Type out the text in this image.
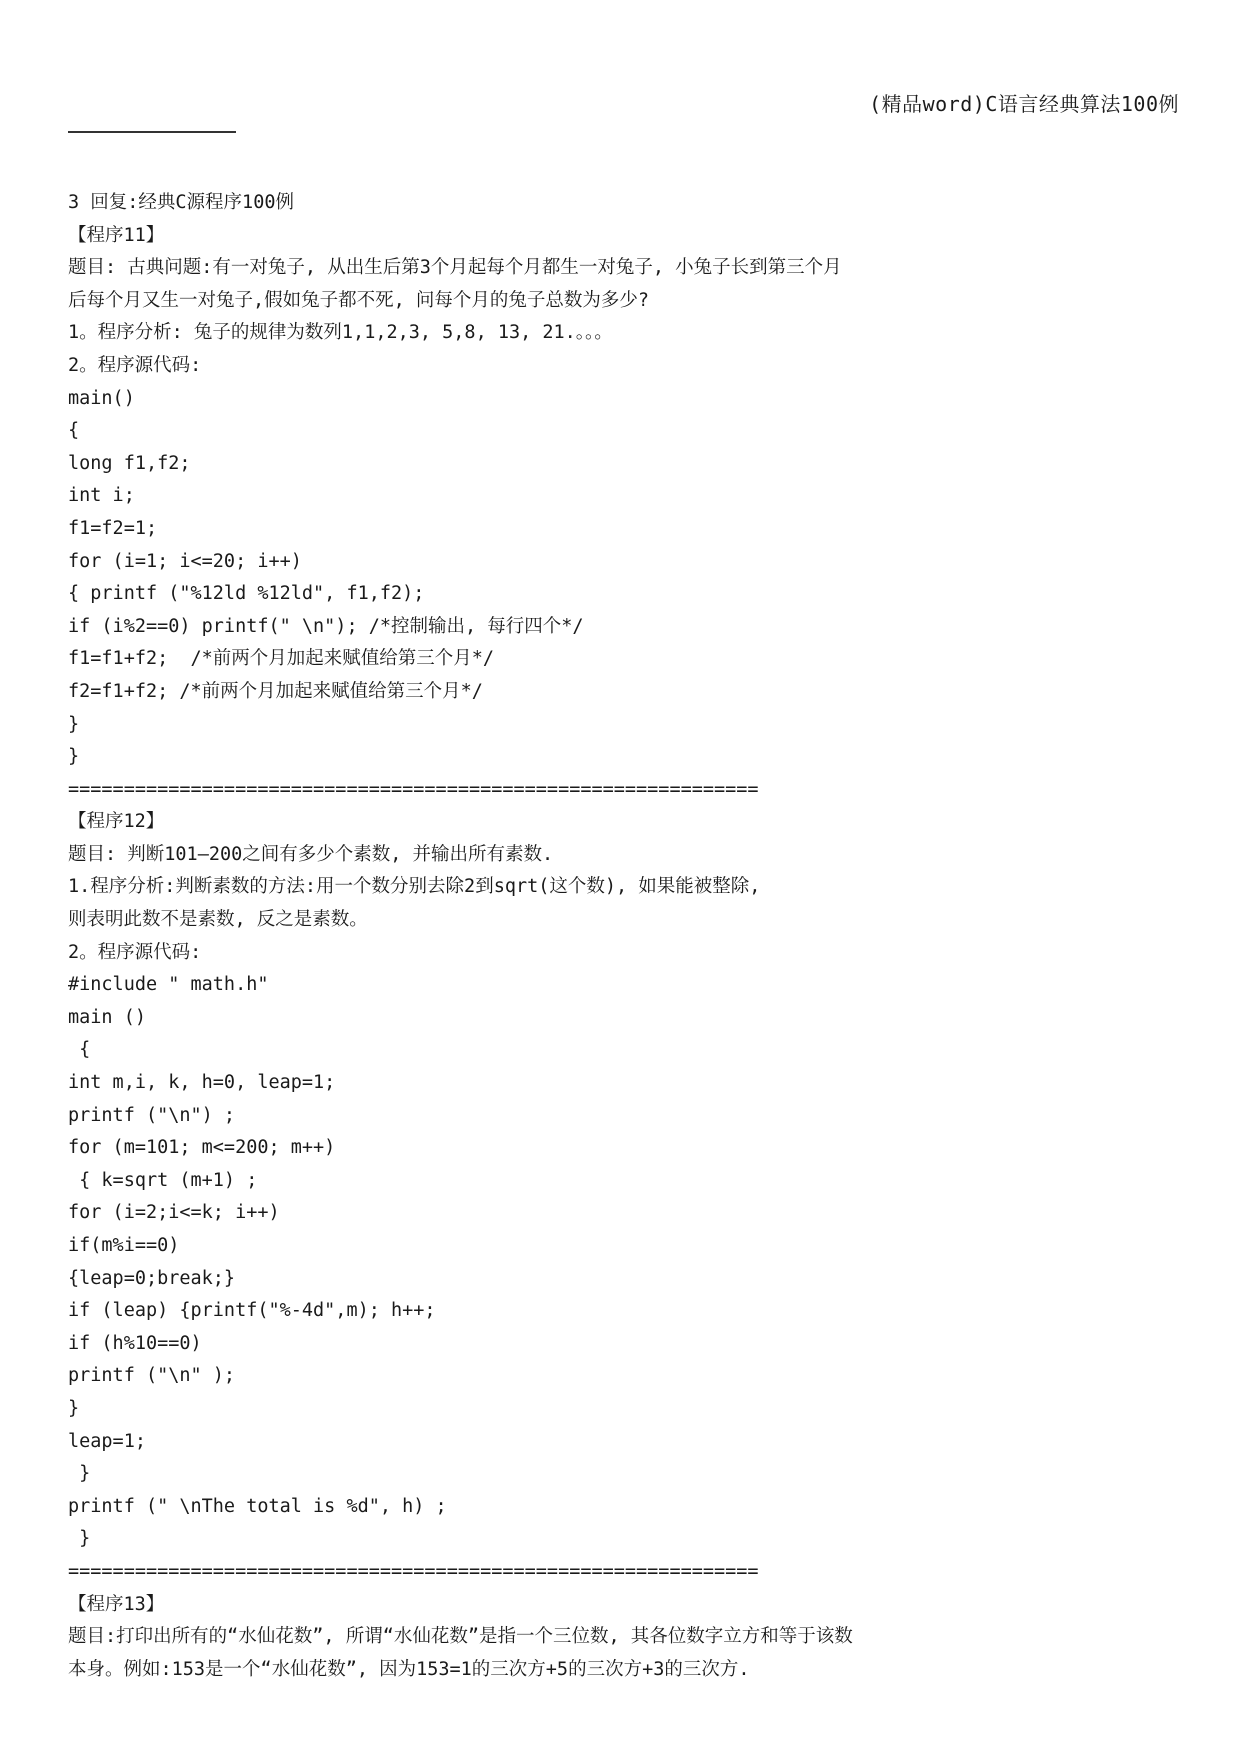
(精品word)C语言经典算法100例
3 回复:经典C源程序100例
【程序11】
题目: 古典问题:有一对兔子, 从出生后第3个月起每个月都生一对兔子, 小兔子长到第三个月
后每个月又生一对兔子,假如兔子都不死, 问每个月的兔子总数为多少?
1。程序分析: 兔子的规律为数列1,1,2,3, 5,8, 13, 21.。。。
2。程序源代码:
main()
{
long f1,f2;
int i;
f1=f2=1;
for (i=1; i<=20; i++)
{ printf ("%12ld %12ld", f1,f2);
if (i%2==0) printf(" \n"); /*控制输出, 每行四个*/
f1=f1+f2;  /*前两个月加起来赋值给第三个月*/
f2=f1+f2; /*前两个月加起来赋值给第三个月*/
}
}
==============================================================
【程序12】
题目: 判断101—200之间有多少个素数, 并输出所有素数.
1.程序分析:判断素数的方法:用一个数分别去除2到sqrt(这个数), 如果能被整除,
则表明此数不是素数, 反之是素数。
2。程序源代码:
#include " math.h"
main ()
{
int m,i, k, h=0, leap=1;
printf ("\n") ;
for (m=101; m<=200; m++)
{ k=sqrt (m+1) ;
for (i=2;i<=k; i++)
if(m%i==0)
{leap=0;break;}
if (leap) {printf("%-4d",m); h++;
if (h%10==0)
printf ("\n" );
}
leap=1;
}
printf (" \nThe total is %d", h) ;
}
==============================================================
【程序13】
题目:打印出所有的“水仙花数”, 所谓“水仙花数”是指一个三位数, 其各位数字立方和等于该数
本身。例如:153是一个“水仙花数”, 因为153=1的三次方+5的三次方+3的三次方.
